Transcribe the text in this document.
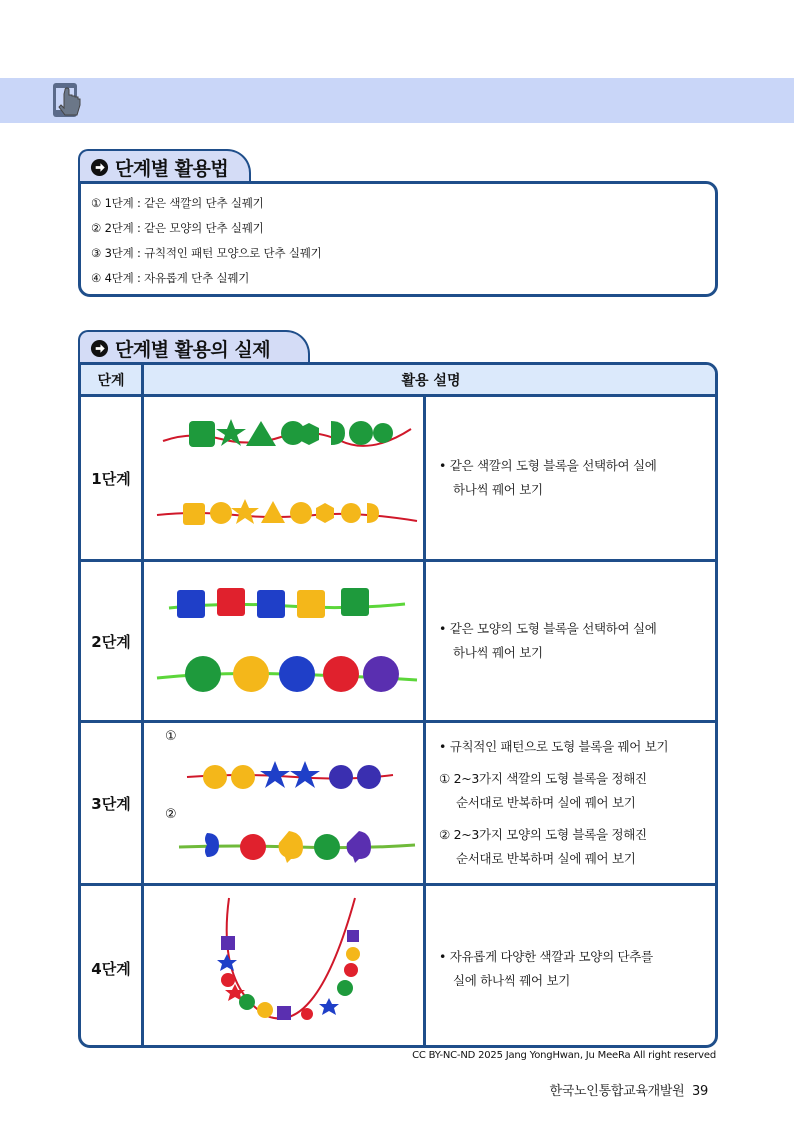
단계별 활용법
① 1단계 : 같은 색깔의 단추 실꿰기
② 2단계 : 같은 모양의 단추 실꿰기
③ 3단계 : 규칙적인 패턴 모양으로 단추 실꿰기
④ 4단계 : 자유롭게 단추 실꿰기
단계별 활용의 실제
단계	활용 설명
1단계
• 같은 색깔의 도형 블록을 선택하여 실에
하나씩 꿰어 보기
2단계
• 같은 모양의 도형 블록을 선택하여 실에
하나씩 꿰어 보기
3단계
①
②
• 규칙적인 패턴으로 도형 블록을 꿰어 보기
① 2~3가지 색깔의 도형 블록을 정해진
순서대로 반복하며 실에 꿰어 보기
② 2~3가지 모양의 도형 블록을 정해진
순서대로 반복하며 실에 꿰어 보기
4단계
• 자유롭게 다양한 색깔과 모양의 단추를
실에 하나씩 꿰어 보기
CC BY-NC-ND 2025 Jang YongHwan, Ju MeeRa All right reserved
한국노인통합교육개발원 39
